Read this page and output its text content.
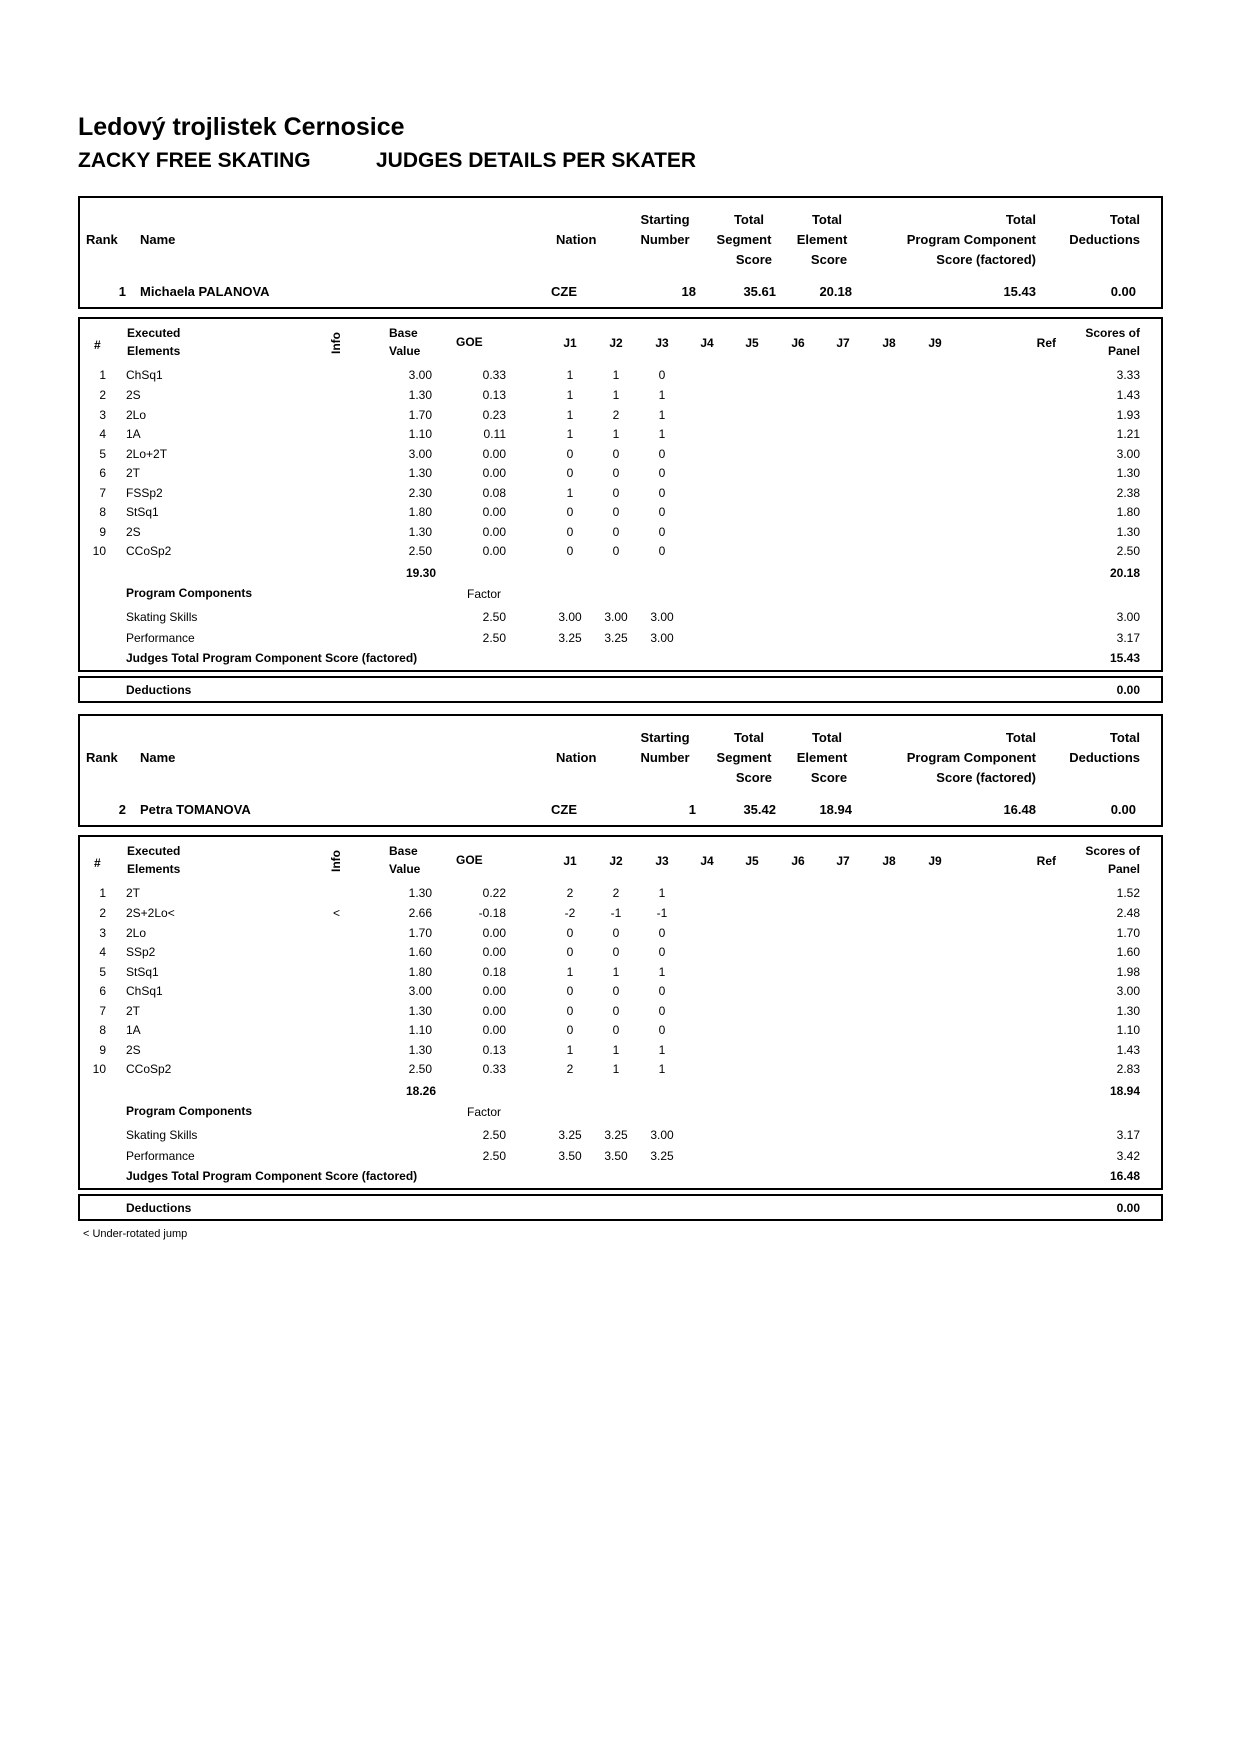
Ledový trojlistek Cernosice
ZACKY FREE SKATING	JUDGES DETAILS PER SKATER
Rank Name	Nation
Starting
Number
Total
Segment
Score
Total
Element
Score
Total
Program Component
Score (factored)
Total
Deductions
1 Michaela PALANOVA	CZE	18	35.61	20.18	15.43	0.00
#
Executed
Elements	Info	Base
Value
GOE	J1	J2	J3	J4	J5	J6	J7	J8	J9	Ref
Scores of
Panel
1 ChSq1	3.00	0.33	1	1	0	3.33
2 2S	1.30	0.13	1	1	1	1.43
3 2Lo	1.70	0.23	1	2	1	1.93
4 1A	1.10	0.11	1	1	1	1.21
5 2Lo+2T	3.00	0.00	0	0	0	3.00
6 2T	1.30	0.00	0	0	0	1.30
7 FSSp2	2.30	0.08	1	0	0	2.38
8 StSq1	1.80	0.00	0	0	0	1.80
9 2S	1.30	0.00	0	0	0	1.30
10 CCoSp2	2.50	0.00	0	0	0	2.50
19.30	20.18
Program Components	Factor
Skating Skills	2.50	3.00	3.00	3.00	3.00
Performance	2.50	3.25	3.25	3.00	3.17
Judges Total Program Component Score (factored)	15.43
Deductions	0.00
Rank Name	Nation
Starting
Number
Total
Segment
Score
Total
Element
Score
Total
Program Component
Score (factored)
Total
Deductions
2 Petra TOMANOVA	CZE	1	35.42	18.94	16.48	0.00
#
Executed
Elements	Info	Base
Value
GOE	J1	J2	J3	J4	J5	J6	J7	J8	J9	Ref
Scores of
Panel
1 2T	1.30	0.22	2	2	1	1.52
2 2S+2Lo<	<	2.66	-0.18	-2	-1	-1	2.48
3 2Lo	1.70	0.00	0	0	0	1.70
4 SSp2	1.60	0.00	0	0	0	1.60
5 StSq1	1.80	0.18	1	1	1	1.98
6 ChSq1	3.00	0.00	0	0	0	3.00
7 2T	1.30	0.00	0	0	0	1.30
8 1A	1.10	0.00	0	0	0	1.10
9 2S	1.30	0.13	1	1	1	1.43
10 CCoSp2	2.50	0.33	2	1	1	2.83
18.26	18.94
Program Components	Factor
Skating Skills	2.50	3.25	3.25	3.00	3.17
Performance	2.50	3.50	3.50	3.25	3.42
Judges Total Program Component Score (factored)	16.48
Deductions	0.00
< Under-rotated jump
